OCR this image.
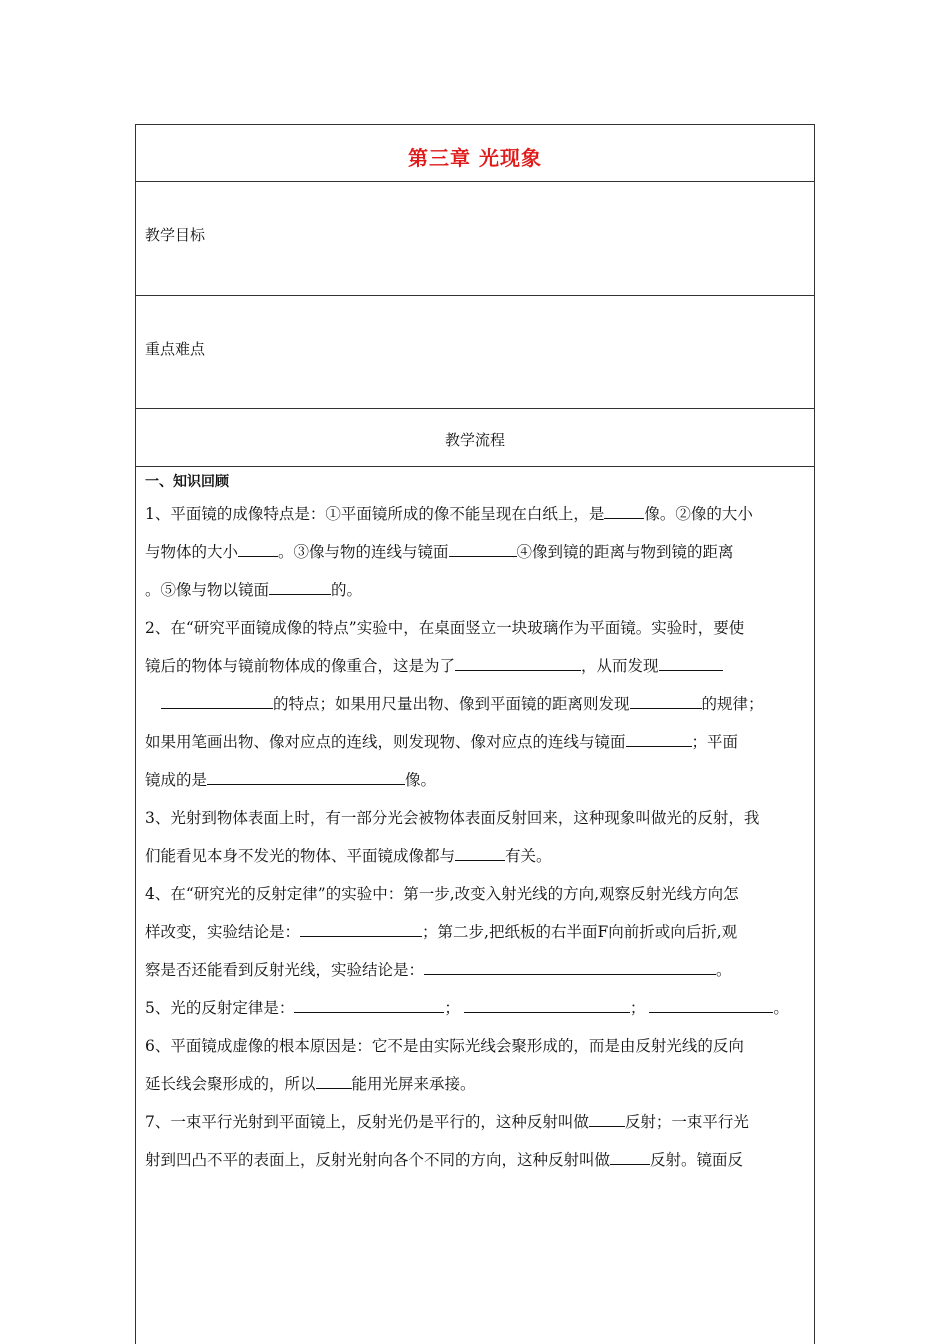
第三章 光现象
教学目标
重点难点
教学流程
一、知识回顾
1、平面镜的成像特点是：①平面镜所成的像不能呈现在白纸上，是	像。②像的大小
与物体的大小	。③像与物的连线与镜面	④像到镜的距离与物到镜的距离
。⑤像与物以镜面	的。
2、在“研究平面镜成像的特点”实验中，在桌面竖立一块玻璃作为平面镜。实验时，要使
镜后的物体与镜前物体成的像重合，这是为了	，从而发现
的特点；如果用尺量出物、像到平面镜的距离则发现	的规律；
如果用笔画出物、像对应点的连线，则发现物、像对应点的连线与镜面	；平面
镜成的是	像。
3、光射到物体表面上时，有一部分光会被物体表面反射回来，这种现象叫做光的反射，我
们能看见本身不发光的物体、平面镜成像都与	有关。
4、在“研究光的反射定律”的实验中：第一步,改变入射光线的方向,观察反射光线方向怎
样改变，实验结论是：	；第二步,把纸板的右半面F向前折或向后折,观
察是否还能看到反射光线，实验结论是：	。
5、光的反射定律是：	；	；	。
6、平面镜成虚像的根本原因是：它不是由实际光线会聚形成的，而是由反射光线的反向
延长线会聚形成的，所以 能用光屏来承接。
7、一束平行光射到平面镜上，反射光仍是平行的，这种反射叫做 反射；一束平行光
射到凹凸不平的表面上，反射光射向各个不同的方向，这种反射叫做	反射。镜面反
